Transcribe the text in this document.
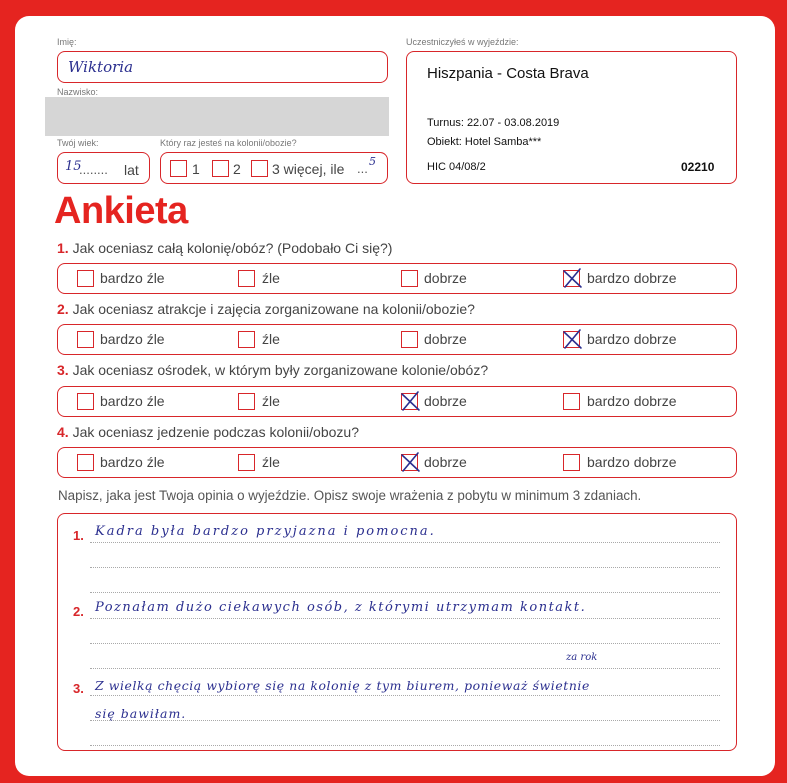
Imię:
Wiktoria
Nazwisko:
Twój wiek:
15
........ lat
Który raz jesteś na kolonii/obozie?
1 2 3 więcej, ile ... 5
Uczestniczyłeś w wyjeździe:
Hiszpania - Costa Brava
Turnus: 22.07 - 03.08.2019
Obiekt: Hotel Samba***
HIC 04/08/2	02210
Ankieta
1. Jak oceniasz całą kolonię/obóz? (Podobało Ci się?)
bardzo źle	źle	dobrze	bardzo dobrze
2. Jak oceniasz atrakcje i zajęcia zorganizowane na kolonii/obozie?
bardzo źle	źle	dobrze	bardzo dobrze
3. Jak oceniasz ośrodek, w którym były zorganizowane kolonie/obóz?
bardzo źle	źle	dobrze	bardzo dobrze
4. Jak oceniasz jedzenie podczas kolonii/obozu?
bardzo źle	źle	dobrze	bardzo dobrze
Napisz, jaka jest Twoja opinia o wyjeździe. Opisz swoje wrażenia z pobytu w minimum 3 zdaniach.
1.
2.
3.
Kadra była bardzo przyjazna i pomocna.
Poznałam dużo ciekawych osób, z którymi utrzymam kontakt.
Z wielką chęcią wybiorę się na kolonię z tym biurem, ponieważ świetnie
się bawiłam.
za rok
